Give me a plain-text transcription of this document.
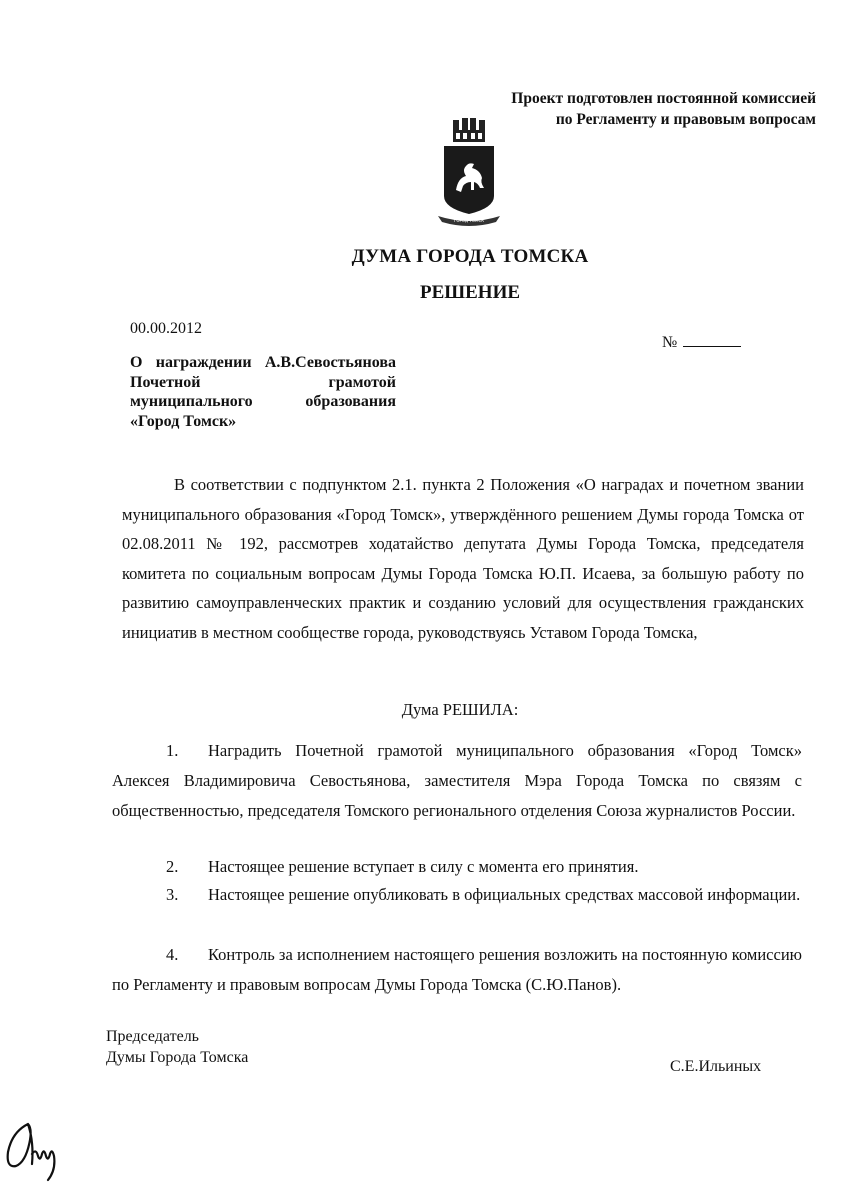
Проект подготовлен постоянной комиссией
по Регламенту и правовым вопросам
ГОРОД ТОМСК
ДУМА ГОРОДА ТОМСКА
РЕШЕНИЕ
00.00.2012
№
О награждении А.В.Севостьянова Почетной грамотой муниципального образования «Город Томск»
В соответствии с подпунктом 2.1. пункта 2 Положения «О наградах и почетном звании муниципального образования «Город Томск», утверждённого решением Думы города Томска от 02.08.2011 № 192, рассмотрев ходатайство депутата Думы Города Томска, председателя комитета по социальным вопросам Думы Города Томска Ю.П. Исаева, за большую работу по развитию самоуправленческих практик и созданию условий для осуществления гражданских инициатив в местном сообществе города, руководствуясь Уставом Города Томска,
Дума РЕШИЛА:
1. Наградить Почетной грамотой муниципального образования «Город Томск» Алексея Владимировича Севостьянова, заместителя Мэра Города Томска по связям с общественностью, председателя Томского регионального отделения Союза журналистов России.
2. Настоящее решение вступает в силу с момента его принятия.
3. Настоящее решение опубликовать в официальных средствах массовой информации.
4. Контроль за исполнением настоящего решения возложить на постоянную комиссию по Регламенту и правовым вопросам Думы Города Томска (С.Ю.Панов).
Председатель
Думы Города Томска
С.Е.Ильиных
